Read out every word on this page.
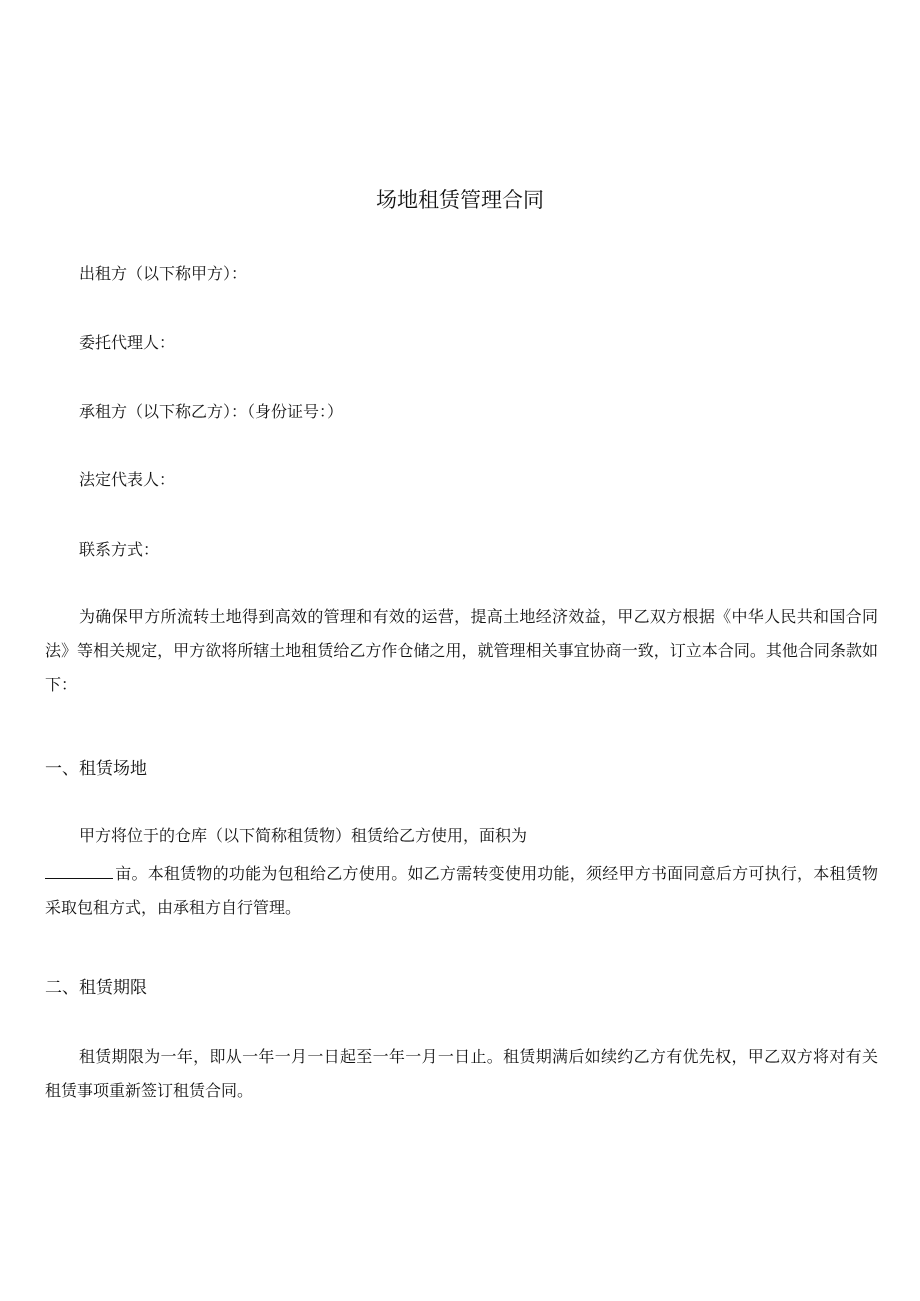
场地租赁管理合同
出租方（以下称甲方）：
委托代理人：
承租方（以下称乙方）：（身份证号：）
法定代表人：
联系方式：
为确保甲方所流转土地得到高效的管理和有效的运营，提高土地经济效益，甲乙双方根据《中华人民共和国合同法》等相关规定，甲方欲将所辖土地租赁给乙方作仓储之用，就管理相关事宜协商一致，订立本合同。其他合同条款如下：
一、租赁场地
甲方将位于的仓库（以下简称租赁物）租赁给乙方使用，面积为
亩。本租赁物的功能为包租给乙方使用。如乙方需转变使用功能，须经甲方书面同意后方可执行，本租赁物采取包租方式，由承租方自行管理。
二、租赁期限
租赁期限为一年，即从一年一月一日起至一年一月一日止。租赁期满后如续约乙方有优先权，甲乙双方将对有关租赁事项重新签订租赁合同。
